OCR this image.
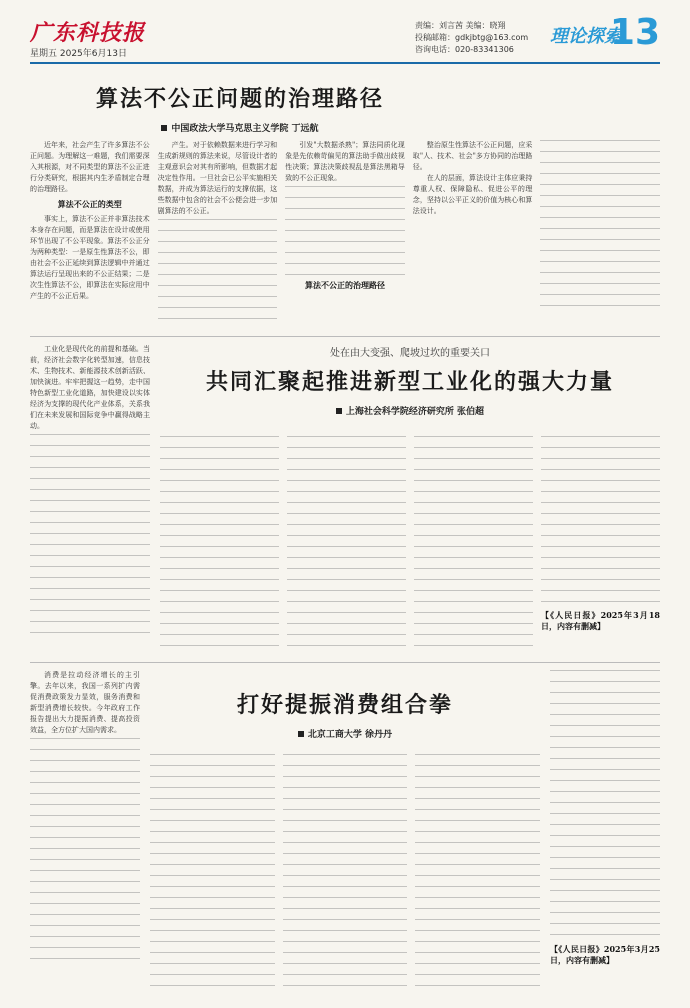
广东科技报
星期五 2025年6月13日
责编：刘言茜 美编：晓翔
投稿邮箱：gdkjbtg@163.com
咨询电话：020-83341306
理论探索
13
算法不公正问题的治理路径
中国政法大学马克思主义学院 丁远航

近年来，社会产生了许多算法不公正问题。为理解这一难题，我们需要深入其根源，对不同类型的算法不公正进行分类研究，根据其内生矛盾制定合理的治理路径。

算法不公正的类型

事实上，算法不公正并非算法技术本身存在问题，而是算法在设计或使用环节出现了不公平现象。算法不公正分为两种类型：一是原生性算法不公，即由社会不公正延续到算法逻辑中并通过算法运行呈现出来的不公正结果；二是次生性算法不公，即算法在实际应用中产生的不公正后果。

产生。对于依赖数据来进行学习和生成新规则的算法来说，尽管设计者的主观意识会对其有所影响，但数据才起决定性作用。一旦社会已公平实施相关数据，并成为算法运行的支撑依据，这些数据中包含的社会不公便会进一步加剧算法的不公正。

引发"大数据杀熟"；算法同质化现象是先依赖苛偏见的算法助手做出歧视性决策；算法决策歧视乱是算法黑箱导致的不公正现象。

算法不公正的治理路径

整治原生性算法不公正问题，应采取"人、技术、社会"多方协同的治理路径。

在人的层面，算法设计主体应秉持尊重人权、保障隐私、促进公平的理念，坚持以公平正义的价值为核心和算法设计。

工业化是现代化的前提和基础。当前，经济社会数字化转型加速，信息技术、生物技术、新能源技术创新活跃、加快演进。牢牢把握这一趋势，走中国特色新型工业化道路，加快建设以实体经济为支撑的现代化产业体系，关系我们在未来发展和国际竞争中赢得战略主动。

处在由大变强、爬坡过坎的重要关口
共同汇聚起推进新型工业化的强大力量
上海社会科学院经济研究所 张伯超
【《人民日报》2025年3月18日，内容有删减】

消费是拉动经济增长的主引擎。去年以来，我国一系列扩内需促消费政策发力显效，服务消费和新型消费增长较快。今年政府工作报告提出大力提振消费、提高投资效益，全方位扩大国内需求。

打好提振消费组合拳
北京工商大学 徐丹丹
【《人民日报》2025年3月25日，内容有删减】
